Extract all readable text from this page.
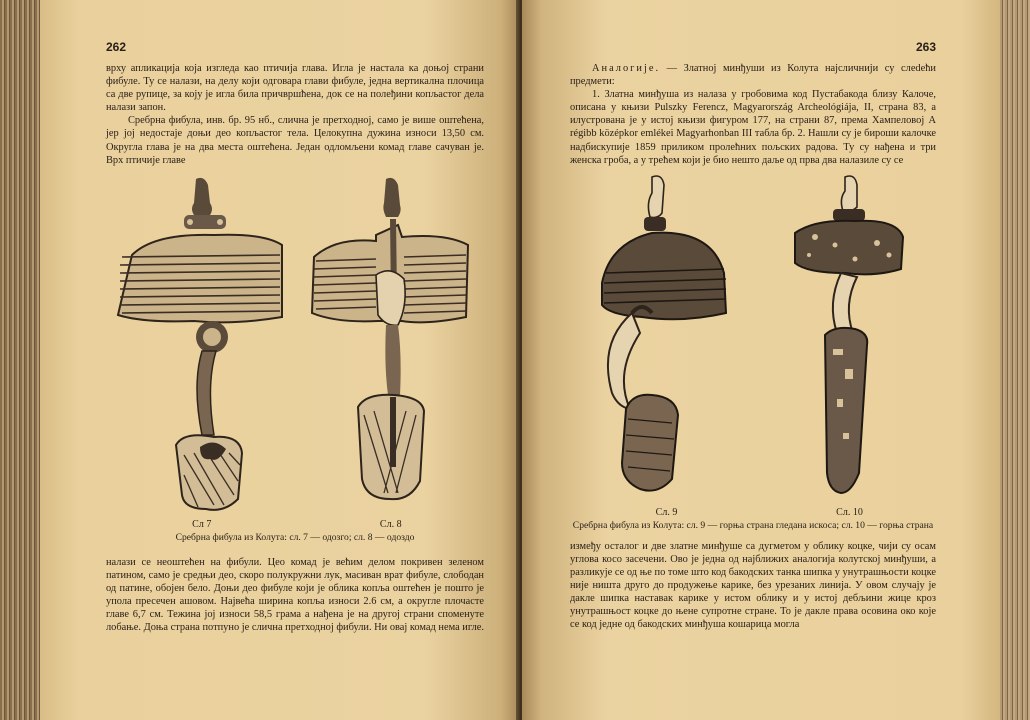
262

врху апликација која изгледа као птичија глава. Игла је настала ка доњој страни фибуле. Ту се налази, на делу који одговара глави фибуле, једна вертикална плочица са две рупице, за коју је игла била причвршћена, док се на полеђини копљастог дела налази запон.

Сребрна фибула, инв. бр. 95 нб., слична је претходној, само је више оштећена, јер јој недостаје доњи део копљастог тела. Целокупна дужина износи 13,50 см. Округла глава је на два места оштећена. Један одломљени комад главе сачуван је. Врх птичије главе

Сл 7	Сл. 8

Сребрна фибула из Колута: сл. 7 — одозго; сл. 8 — одоздо

налази се неоштећен на фибули. Цео комад је већим делом покривен зеленом патином, само је средњи део, скоро полукружни лук, масиван врат фибуле, слободан од патине, обојен бело. Доњи део фибуле који је облика копља оштећен је пошто је упола пресечен ашовом. Највећа ширина копља износи 2.6 см, а округле плочасте главе 6,7 см. Тежина јој износи 58,5 грама а нађена је на другој страни споменуте лобање. Доња страна потпуно је слична претходној фибули. Ни овај комад нема игле.

263

Аналогије. — Златној минђуши из Колута најсличнији су слedeћи предмети:

1. Златна минђуша из налаза у гробовима код Пустабакода близу Калоче, описана у књизи Pulszky Ferencz, Magyarország Archeológiája, II, страна 83, а илустрована је у истој књизи фигуром 177, на страни 87, према Хампеловој A régibb középkor emlékei Magyarhonban III табла бр. 2. Нашли су је бироши калочке надбискупије 1859 приликом пролећних пољских радова. Ту су нађена и три женска гроба, а у трећем који је био нешто даље од прва два налазиле су се

Сл. 9	Сл. 10

Сребрна фибула из Колута: сл. 9 — горња страна гледана искоса; сл. 10 — горња страна

између осталог и две златне минђуше са дугметом у облику коцке, чији су осам углова косо засечени. Ово је једна од најближих аналогија колутској минђуши, а разликује се од ње по томе што код бакодских танка шипка у унутрашњости коцке није ништа друго до продужење карике, без урезаних линија. У овом случају је дакле шипка наставак карике у истом облику и у истој дебљини жице кроз унутрашњост коцке до њене супротне стране. То је дакле права осовина око које се код једне од бакодских минђуша кошарица могла
